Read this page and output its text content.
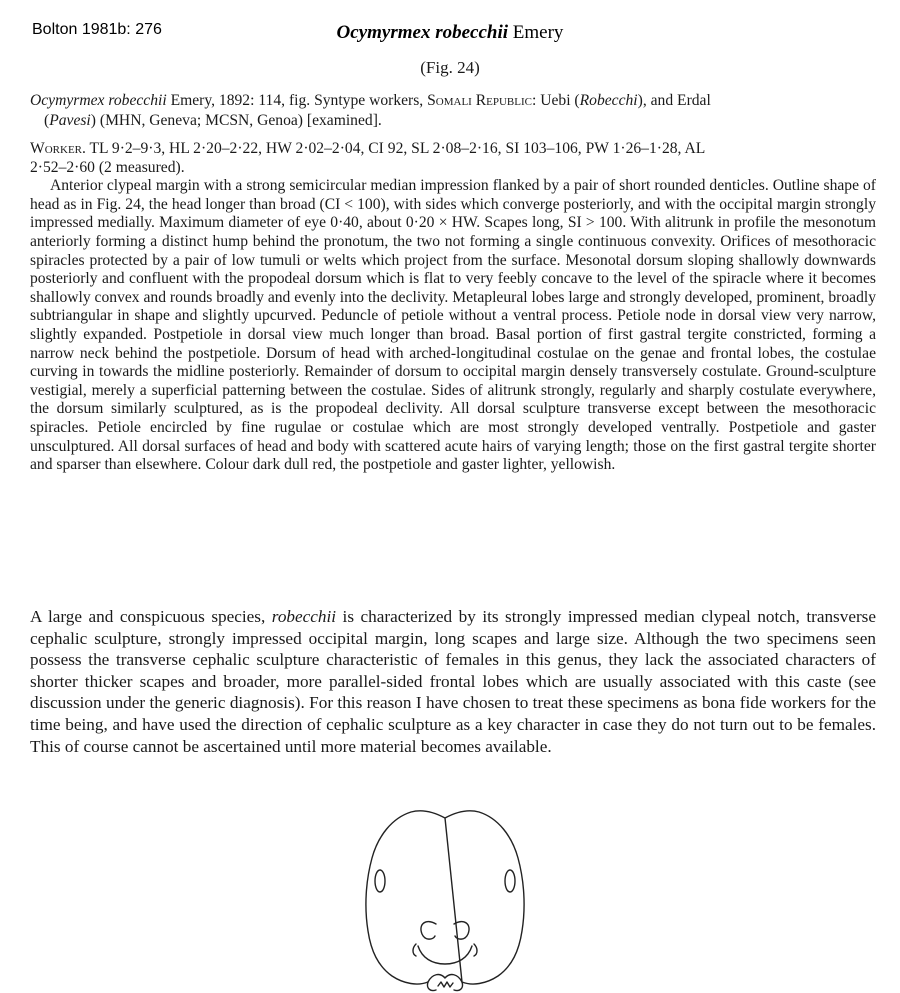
Bolton 1981b: 276	Ocymyrmex robecchii Emery
(Fig. 24)
Ocymyrmex robecchii Emery, 1892: 114, fig. Syntype workers, Somali Republic: Uebi (Robecchi), and Erdal
(Pavesi) (MHN, Geneva; MCSN, Genoa) [examined].
Worker. TL 9·2–9·3, HL 2·20–2·22, HW 2·02–2·04, CI 92, SL 2·08–2·16, SI 103–106, PW 1·26–1·28, AL
2·52–2·60 (2 measured).
Anterior clypeal margin with a strong semicircular median impression flanked by a pair of short rounded denticles. Outline shape of head as in Fig. 24, the head longer than broad (CI < 100), with sides which converge posteriorly, and with the occipital margin strongly impressed medially. Maximum diameter of eye 0·40, about 0·20 × HW. Scapes long, SI > 100. With alitrunk in profile the mesonotum anteriorly forming a distinct hump behind the pronotum, the two not forming a single continuous convexity. Orifices of mesothoracic spiracles protected by a pair of low tumuli or welts which project from the surface. Mesonotal dorsum sloping shallowly downwards posteriorly and confluent with the propodeal dorsum which is flat to very feebly concave to the level of the spiracle where it becomes shallowly convex and rounds broadly and evenly into the declivity. Metapleural lobes large and strongly developed, prominent, broadly subtriangular in shape and slightly upcurved. Peduncle of petiole without a ventral process. Petiole node in dorsal view very narrow, slightly expanded. Postpetiole in dorsal view much longer than broad. Basal portion of first gastral tergite constricted, forming a narrow neck behind the postpetiole. Dorsum of head with arched-longitudinal costulae on the genae and frontal lobes, the costulae curving in towards the midline posteriorly. Remainder of dorsum to occipital margin densely transversely costulate. Ground-sculpture vestigial, merely a superficial patterning between the costulae. Sides of alitrunk strongly, regularly and sharply costulate everywhere, the dorsum similarly sculptured, as is the propodeal declivity. All dorsal sculpture transverse except between the mesothoracic spiracles. Petiole encircled by fine rugulae or costulae which are most strongly developed ventrally. Postpetiole and gaster unsculptured. All dorsal surfaces of head and body with scattered acute hairs of varying length; those on the first gastral tergite shorter and sparser than elsewhere. Colour dark dull red, the postpetiole and gaster lighter, yellowish.
A large and conspicuous species, robecchii is characterized by its strongly impressed median clypeal notch, transverse cephalic sculpture, strongly impressed occipital margin, long scapes and large size. Although the two specimens seen possess the transverse cephalic sculpture characteristic of females in this genus, they lack the associated characters of shorter thicker scapes and broader, more parallel-sided frontal lobes which are usually associated with this caste (see discussion under the generic diagnosis). For this reason I have chosen to treat these specimens as bona fide workers for the time being, and have used the direction of cephalic sculpture as a key character in case they do not turn out to be females. This of course cannot be ascertained until more material becomes available.
